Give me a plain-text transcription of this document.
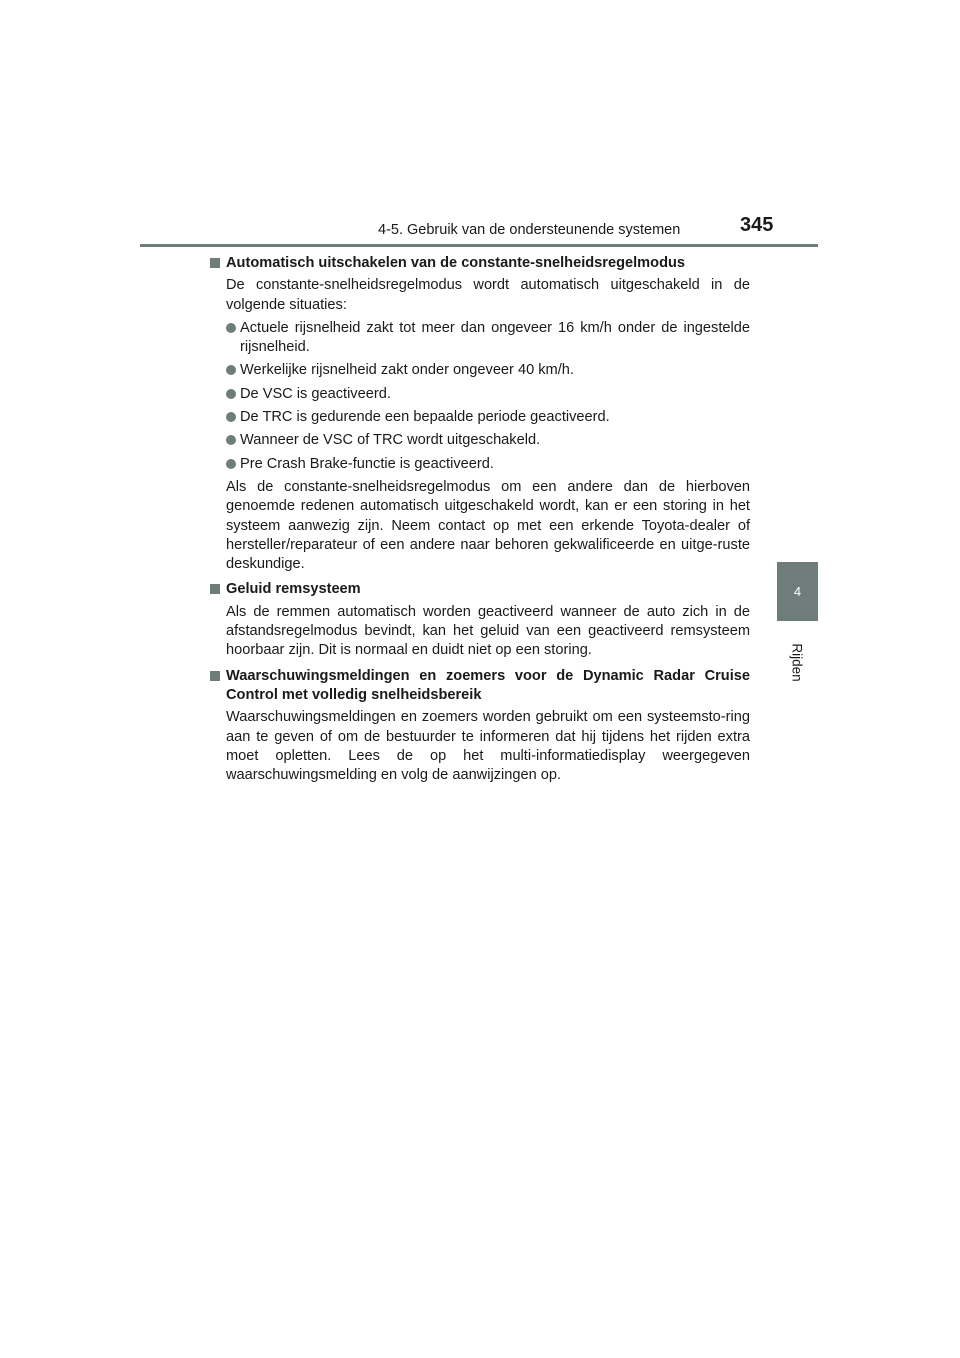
4-5. Gebruik van de ondersteunende systemen	345
4
Rijden
Automatisch uitschakelen van de constante-snelheidsregelmodus
De constante-snelheidsregelmodus wordt automatisch uitgeschakeld in de volgende situaties:
Actuele rijsnelheid zakt tot meer dan ongeveer 16 km/h onder de ingestelde rijsnelheid.
Werkelijke rijsnelheid zakt onder ongeveer 40 km/h.
De VSC is geactiveerd.
De TRC is gedurende een bepaalde periode geactiveerd.
Wanneer de VSC of TRC wordt uitgeschakeld.
Pre Crash Brake-functie is geactiveerd.
Als de constante-snelheidsregelmodus om een andere dan de hierboven genoemde redenen automatisch uitgeschakeld wordt, kan er een storing in het systeem aanwezig zijn. Neem contact op met een erkende Toyota-dealer of hersteller/reparateur of een andere naar behoren gekwalificeerde en uitge-ruste deskundige.
Geluid remsysteem
Als de remmen automatisch worden geactiveerd wanneer de auto zich in de afstandsregelmodus bevindt, kan het geluid van een geactiveerd remsysteem hoorbaar zijn. Dit is normaal en duidt niet op een storing.
Waarschuwingsmeldingen en zoemers voor de Dynamic Radar Cruise Control met volledig snelheidsbereik
Waarschuwingsmeldingen en zoemers worden gebruikt om een systeemsto-ring aan te geven of om de bestuurder te informeren dat hij tijdens het rijden extra moet opletten. Lees de op het multi-informatiedisplay weergegeven waarschuwingsmelding en volg de aanwijzingen op.
